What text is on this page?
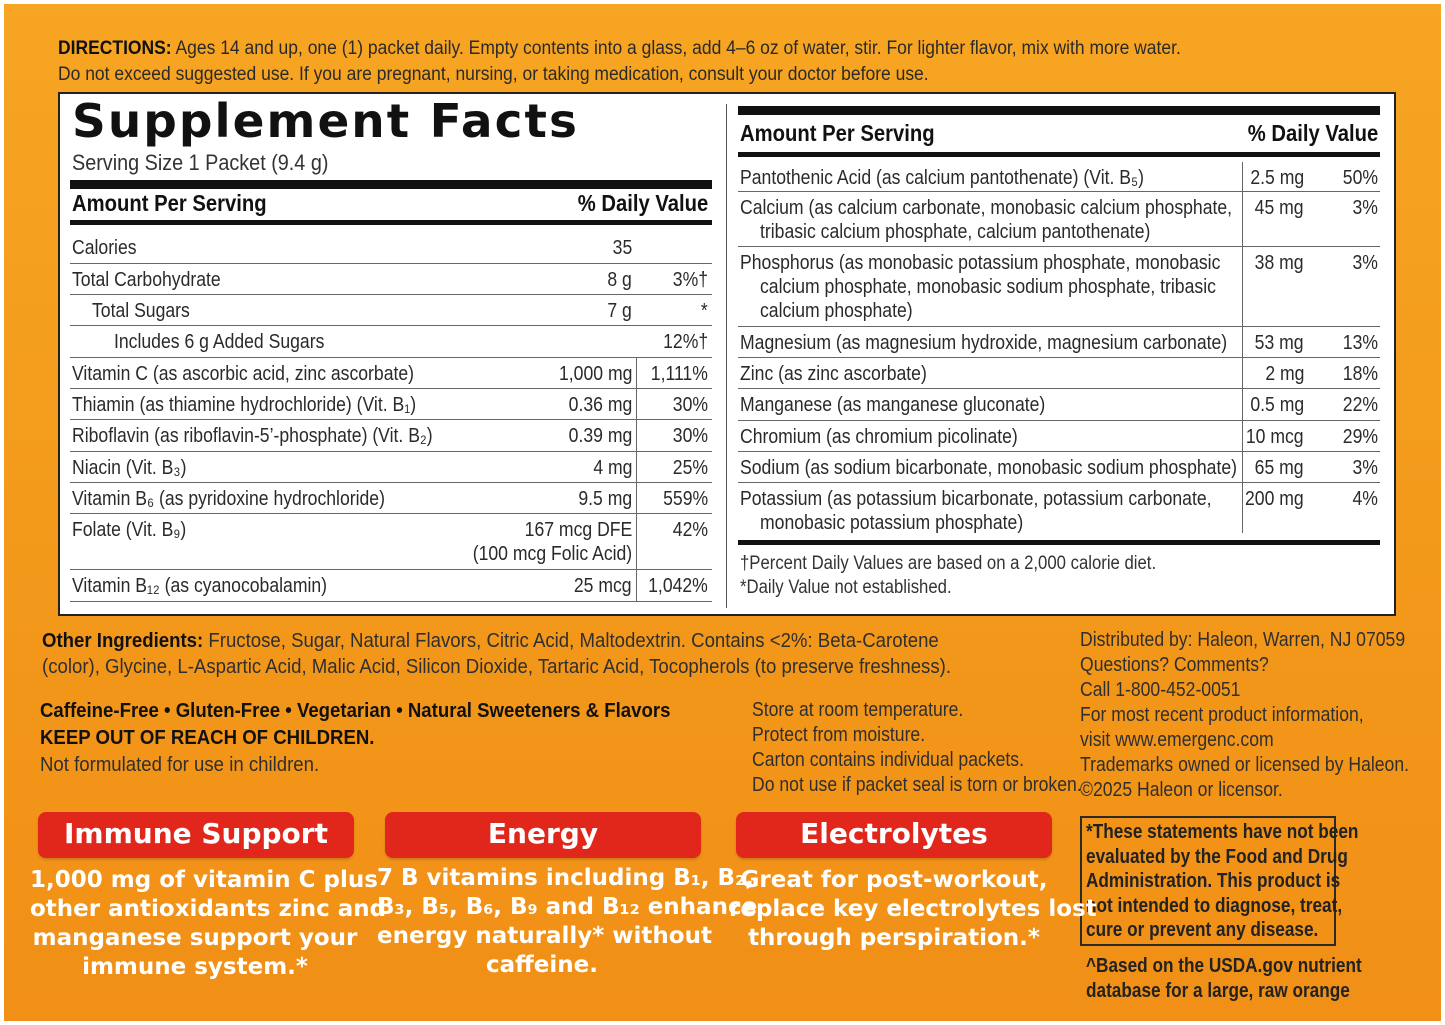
DIRECTIONS: Ages 14 and up, one (1) packet daily. Empty contents into a glass, add 4–6 oz of water, stir. For lighter flavor, mix with more water.
Do not exceed suggested use. If you are pregnant, nursing, or taking medication, consult your doctor before use.
Supplement Facts
Serving Size 1 Packet (9.4 g)
Amount Per Serving	% Daily Value
Calories	35
Total Carbohydrate	8 g 3%†
Total Sugars	7 g	*
Includes 6 g Added Sugars	12%†
Vitamin C (as ascorbic acid, zinc ascorbate)	1,000 mg 1,111%
Thiamin (as thiamine hydrochloride) (Vit. B₁)	0.36 mg 30%
Riboflavin (as riboflavin-5’-phosphate) (Vit. B₂)	0.39 mg 30%
Niacin (Vit. B₃)	4 mg 25%
Vitamin B₆ (as pyridoxine hydrochloride)	9.5 mg 559%
Folate (Vit. B₉)	167 mcg DFE
(100 mcg Folic Acid)
42%
Vitamin B₁₂ (as cyanocobalamin)	25 mcg 1,042%
Amount Per Serving	% Daily Value
Pantothenic Acid (as calcium pantothenate) (Vit. B₅)	2.5 mg 50%
Calcium (as calcium carbonate, monobasic calcium phosphate,
tribasic calcium phosphate, calcium pantothenate)
45 mg 3%
Phosphorus (as monobasic potassium phosphate, monobasic
calcium phosphate, monobasic sodium phosphate, tribasic
calcium phosphate)
38 mg 3%
Magnesium (as magnesium hydroxide, magnesium carbonate) 53 mg 13%
Zinc (as zinc ascorbate)	2 mg 18%
Manganese (as manganese gluconate)	0.5 mg 22%
Chromium (as chromium picolinate)	10 mcg 29%
Sodium (as sodium bicarbonate, monobasic sodium phosphate) 65 mg 3%
Potassium (as potassium bicarbonate, potassium carbonate,
monobasic potassium phosphate)
200 mg 4%
†Percent Daily Values are based on a 2,000 calorie diet.
*Daily Value not established.
Other Ingredients: Fructose, Sugar, Natural Flavors, Citric Acid, Maltodextrin. Contains <2%: Beta-Carotene
(color), Glycine, L-Aspartic Acid, Malic Acid, Silicon Dioxide, Tartaric Acid, Tocopherols (to preserve freshness).
Caffeine-Free • Gluten-Free • Vegetarian • Natural Sweeteners & Flavors
KEEP OUT OF REACH OF CHILDREN.
Not formulated for use in children.
Store at room temperature.
Protect from moisture.
Carton contains individual packets.
Do not use if packet seal is torn or broken.
Distributed by: Haleon, Warren, NJ 07059
Questions? Comments?
Call 1-800-452-0051
For most recent product information,
visit www.emergenc.com
Trademarks owned or licensed by Haleon.
©2025 Haleon or licensor.
*These statements have not been
evaluated by the Food and Drug
Administration. This product is
not intended to diagnose, treat,
cure or prevent any disease.
^Based on the USDA.gov nutrient
database for a large, raw orange
Immune Support
1,000 mg of vitamin C plus
other antioxidants zinc and
manganese support your
immune system.*
Energy
7 B vitamins including B₁, B₂,
B₃, B₅, B₆, B₉ and B₁₂ enhance
energy naturally* without
caffeine.
Electrolytes
Great for post-workout,
replace key electrolytes lost
through perspiration.*
